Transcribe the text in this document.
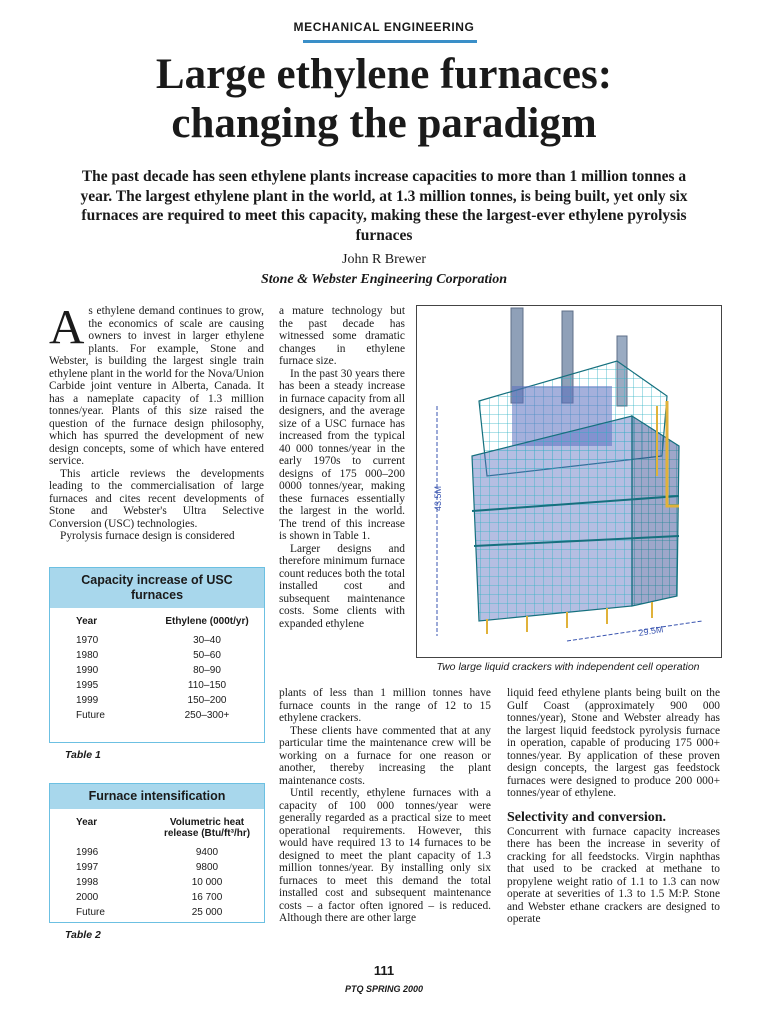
MECHANICAL ENGINEERING
Large ethylene furnaces:
changing the paradigm

The past decade has seen ethylene plants increase capacities to more than 1 million tonnes a year. The largest ethylene plant in the world, at 1.3 million tonnes, is being built, yet only six furnaces are required to meet this capacity, making these the largest-ever ethylene pyrolysis furnaces

John R Brewer
Stone & Webster Engineering Corporation

As ethylene demand continues to grow, the economics of scale are causing owners to invest in larger ethylene plants. For example, Stone and Webster, is building the largest single train ethylene plant in the world for the Nova/Union Carbide joint venture in Alberta, Canada. It has a nameplate capacity of 1.3 million tonnes/year. Plants of this size raised the question of the furnace design philosophy, which has spurred the development of new design concepts, some of which have entered service.

This article reviews the developments leading to the commercialisation of large furnaces and cites recent developments of Stone and Webster's Ultra Selective Conversion (USC) technologies.

Pyrolysis furnace design is considered

Capacity increase of USC furnaces
Year	Ethylene (000t/yr)
1970	30–40
1980	50–60
1990	80–90
1995	110–150
1999	150–200
Future	250–300+
Table 1
Furnace intensification
Year	Volumetric heat release (Btu/ft³/hr)
1996	9400
1997	9800
1998	10 000
2000	16 700
Future	25 000
Table 2

a mature technology but the past decade has witnessed some dramatic changes in ethylene furnace size.

In the past 30 years there has been a steady increase in furnace capacity from all designers, and the average size of a USC furnace has increased from the typical 40 000 tonnes/year in the early 1970s to current designs of 175 000–200 0000 tonnes/year, making these furnaces essentially the largest in the world. The trend of this increase is shown in Table 1.

Larger designs and therefore minimum furnace count reduces both the total installed cost and subsequent maintenance costs. Some clients with expanded ethylene

43.5M
29.5M
Two large liquid crackers with independent cell operation

plants of less than 1 million tonnes have furnace counts in the range of 12 to 15 ethylene crackers.

These clients have commented that at any particular time the maintenance crew will be working on a furnace for one reason or another, thereby increasing the plant maintenance costs.

Until recently, ethylene furnaces with a capacity of 100 000 tonnes/year were generally regarded as a practical size to meet operational requirements. However, this would have required 13 to 14 furnaces to be designed to meet the plant capacity of 1.3 million tonnes/year. By installing only six furnaces to meet this demand the total installed cost and subsequent maintenance costs – a factor often ignored – is reduced. Although there are other large

liquid feed ethylene plants being built on the Gulf Coast (approximately 900 000 tonnes/year), Stone and Webster already has the largest liquid feedstock pyrolysis furnace in operation, capable of producing 175 000+ tonnes/year. By application of these proven design concepts, the largest gas feedstock furnaces were designed to produce 200 000+ tonnes/year of ethylene.

Selectivity and conversion.

Concurrent with furnace capacity increases there has been the increase in severity of cracking for all feedstocks. Virgin naphthas that used to be cracked at methane to propylene weight ratio of 1.1 to 1.3 can now operate at severities of 1.3 to 1.5 M:P. Stone and Webster ethane crackers are designed to operate

111
PTQ SPRING 2000
